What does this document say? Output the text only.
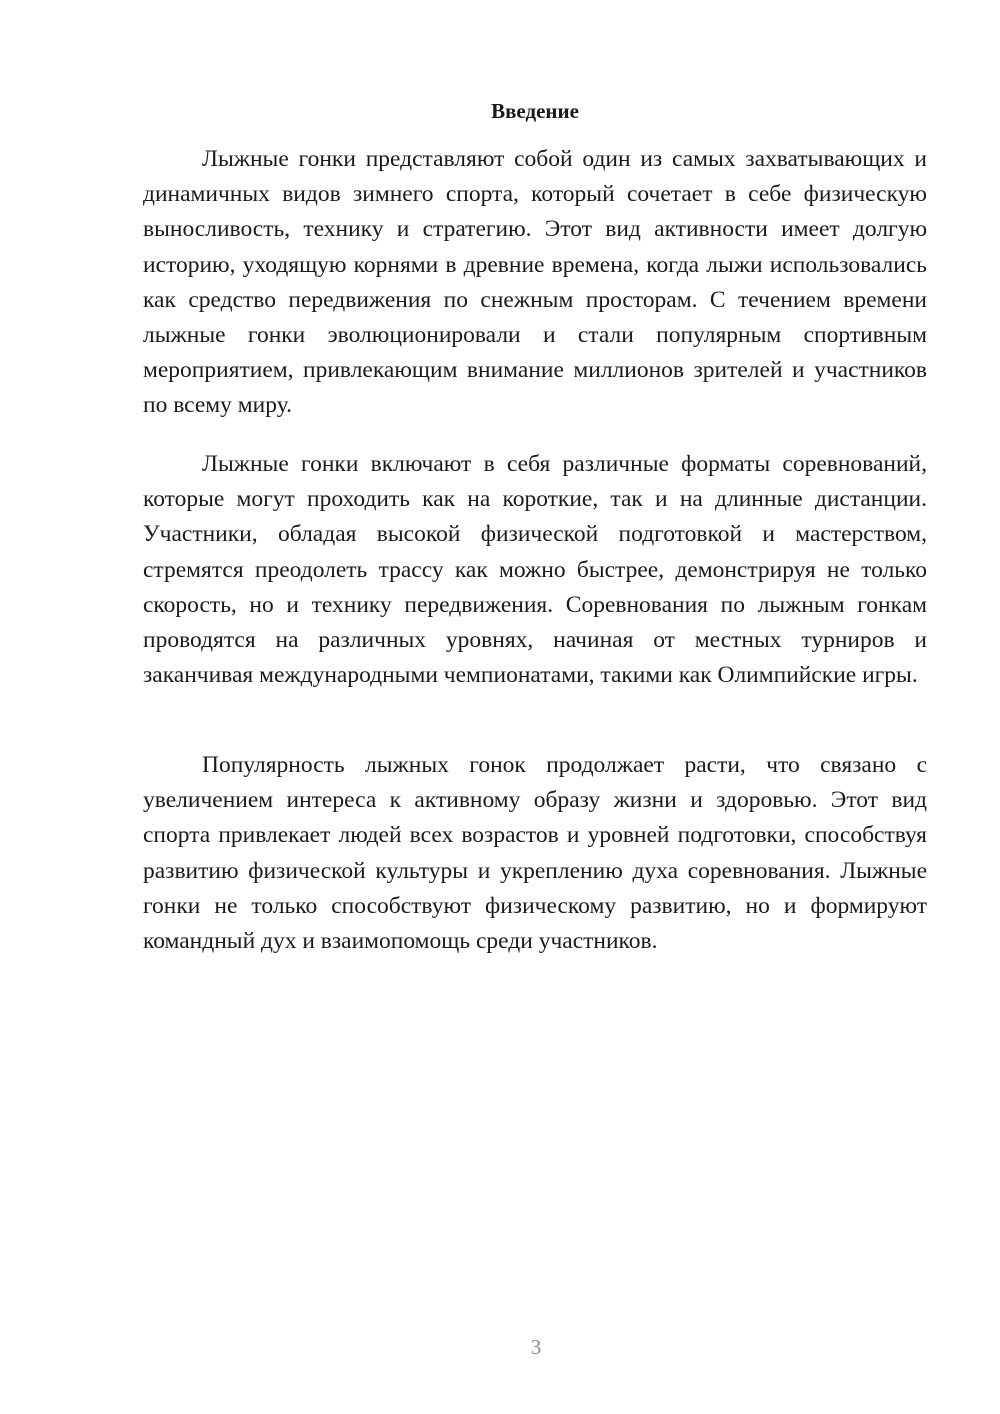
Введение

Лыжные гонки представляют собой один из самых захватывающих и динамичных видов зимнего спорта, который сочетает в себе физическую выносливость, технику и стратегию. Этот вид активности имеет долгую историю, уходящую корнями в древние времена, когда лыжи использовались как средство передвижения по снежным просторам. С течением времени лыжные гонки эволюционировали и стали популярным спортивным мероприятием, привлекающим внимание миллионов зрителей и участников по всему миру.

Лыжные гонки включают в себя различные форматы соревнований, которые могут проходить как на короткие, так и на длинные дистанции. Участники, обладая высокой физической подготовкой и мастерством, стремятся преодолеть трассу как можно быстрее, демонстрируя не только скорость, но и технику передвижения. Соревнования по лыжным гонкам проводятся на различных уровнях, начиная от местных турниров и заканчивая международными чемпионатами, такими как Олимпийские игры.

Популярность лыжных гонок продолжает расти, что связано с увеличением интереса к активному образу жизни и здоровью. Этот вид спорта привлекает людей всех возрастов и уровней подготовки, способствуя развитию физической культуры и укреплению духа соревнования. Лыжные гонки не только способствуют физическому развитию, но и формируют командный дух и взаимопомощь среди участников.

3
